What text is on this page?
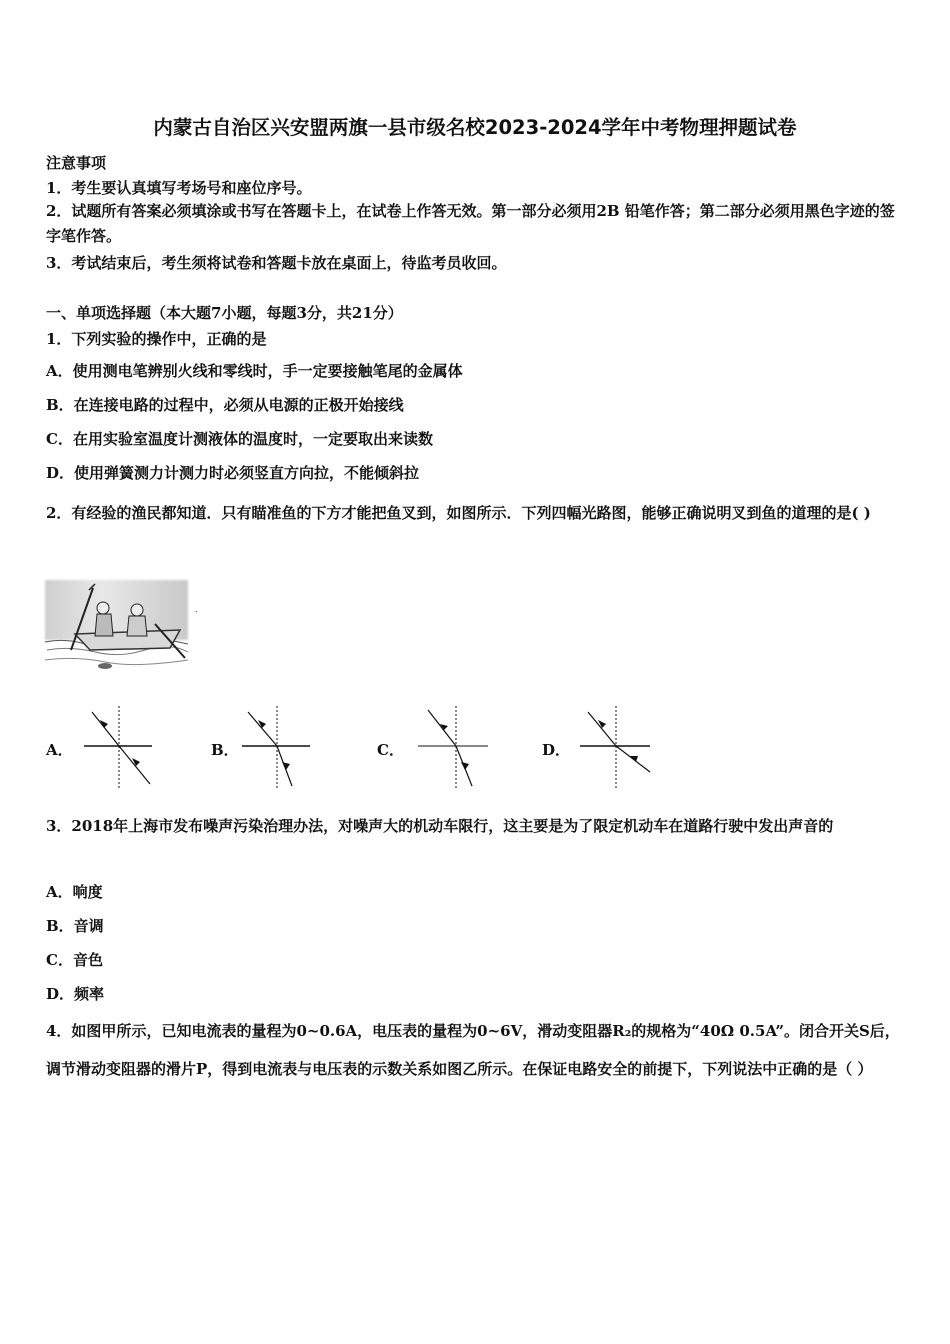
内蒙古自治区兴安盟两旗一县市级名校2023-2024学年中考物理押题试卷
注意事项
1．考生要认真填写考场号和座位序号。
2．试题所有答案必须填涂或书写在答题卡上，在试卷上作答无效。第一部分必须用2B 铅笔作答；第二部分必须用黑色字迹的签字笔作答。
3．考试结束后，考生须将试卷和答题卡放在桌面上，待监考员收回。
一、单项选择题（本大题7小题，每题3分，共21分）
1．下列实验的操作中，正确的是
A．使用测电笔辨别火线和零线时，手一定要接触笔尾的金属体
B．在连接电路的过程中，必须从电源的正极开始接线
C．在用实验室温度计测液体的温度时，一定要取出来读数
D．使用弹簧测力计测力时必须竖直方向拉，不能倾斜拉
2．有经验的渔民都知道．只有瞄准鱼的下方才能把鱼叉到，如图所示．下列四幅光路图，能够正确说明叉到鱼的道理的是( )
.
A．	B．	C．	D．
3．2018年上海市发布噪声污染治理办法，对噪声大的机动车限行，这主要是为了限定机动车在道路行驶中发出声音的
A．响度
B．音调
C．音色
D．频率
4．如图甲所示，已知电流表的量程为0~0.6A，电压表的量程为0~6V，滑动变阻器R₂的规格为“40Ω 0.5A”。闭合开关S后，调节滑动变阻器的滑片P，得到电流表与电压表的示数关系如图乙所示。在保证电路安全的前提下，下列说法中正确的是（ ）
